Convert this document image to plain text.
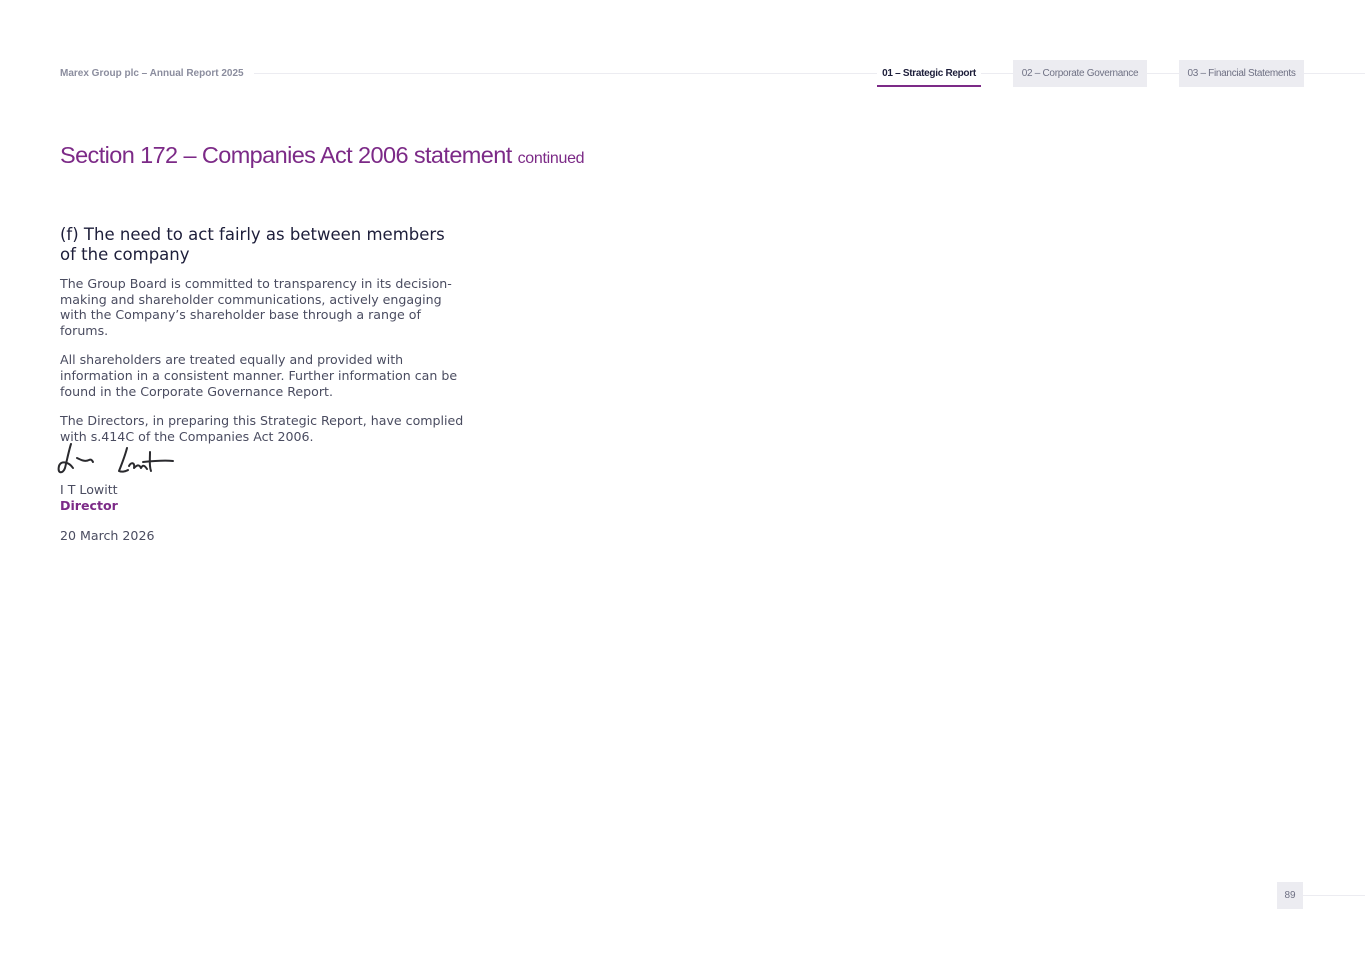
Marex Group plc – Annual Report 2025	01 – Strategic Report	02 – Corporate Governance	03 – Financial Statements
Section 172 – Companies Act 2006 statement continued
(f) The need to act fairly as between members of the company

The Group Board is committed to transparency in its decision-making and shareholder communications, actively engaging with the Company’s shareholder base through a range of forums.

All shareholders are treated equally and provided with information in a consistent manner. Further information can be found in the Corporate Governance Report.

The Directors, in preparing this Strategic Report, have complied with s.414C of the Companies Act 2006.

I T Lowitt
Director
20 March 2026
89
